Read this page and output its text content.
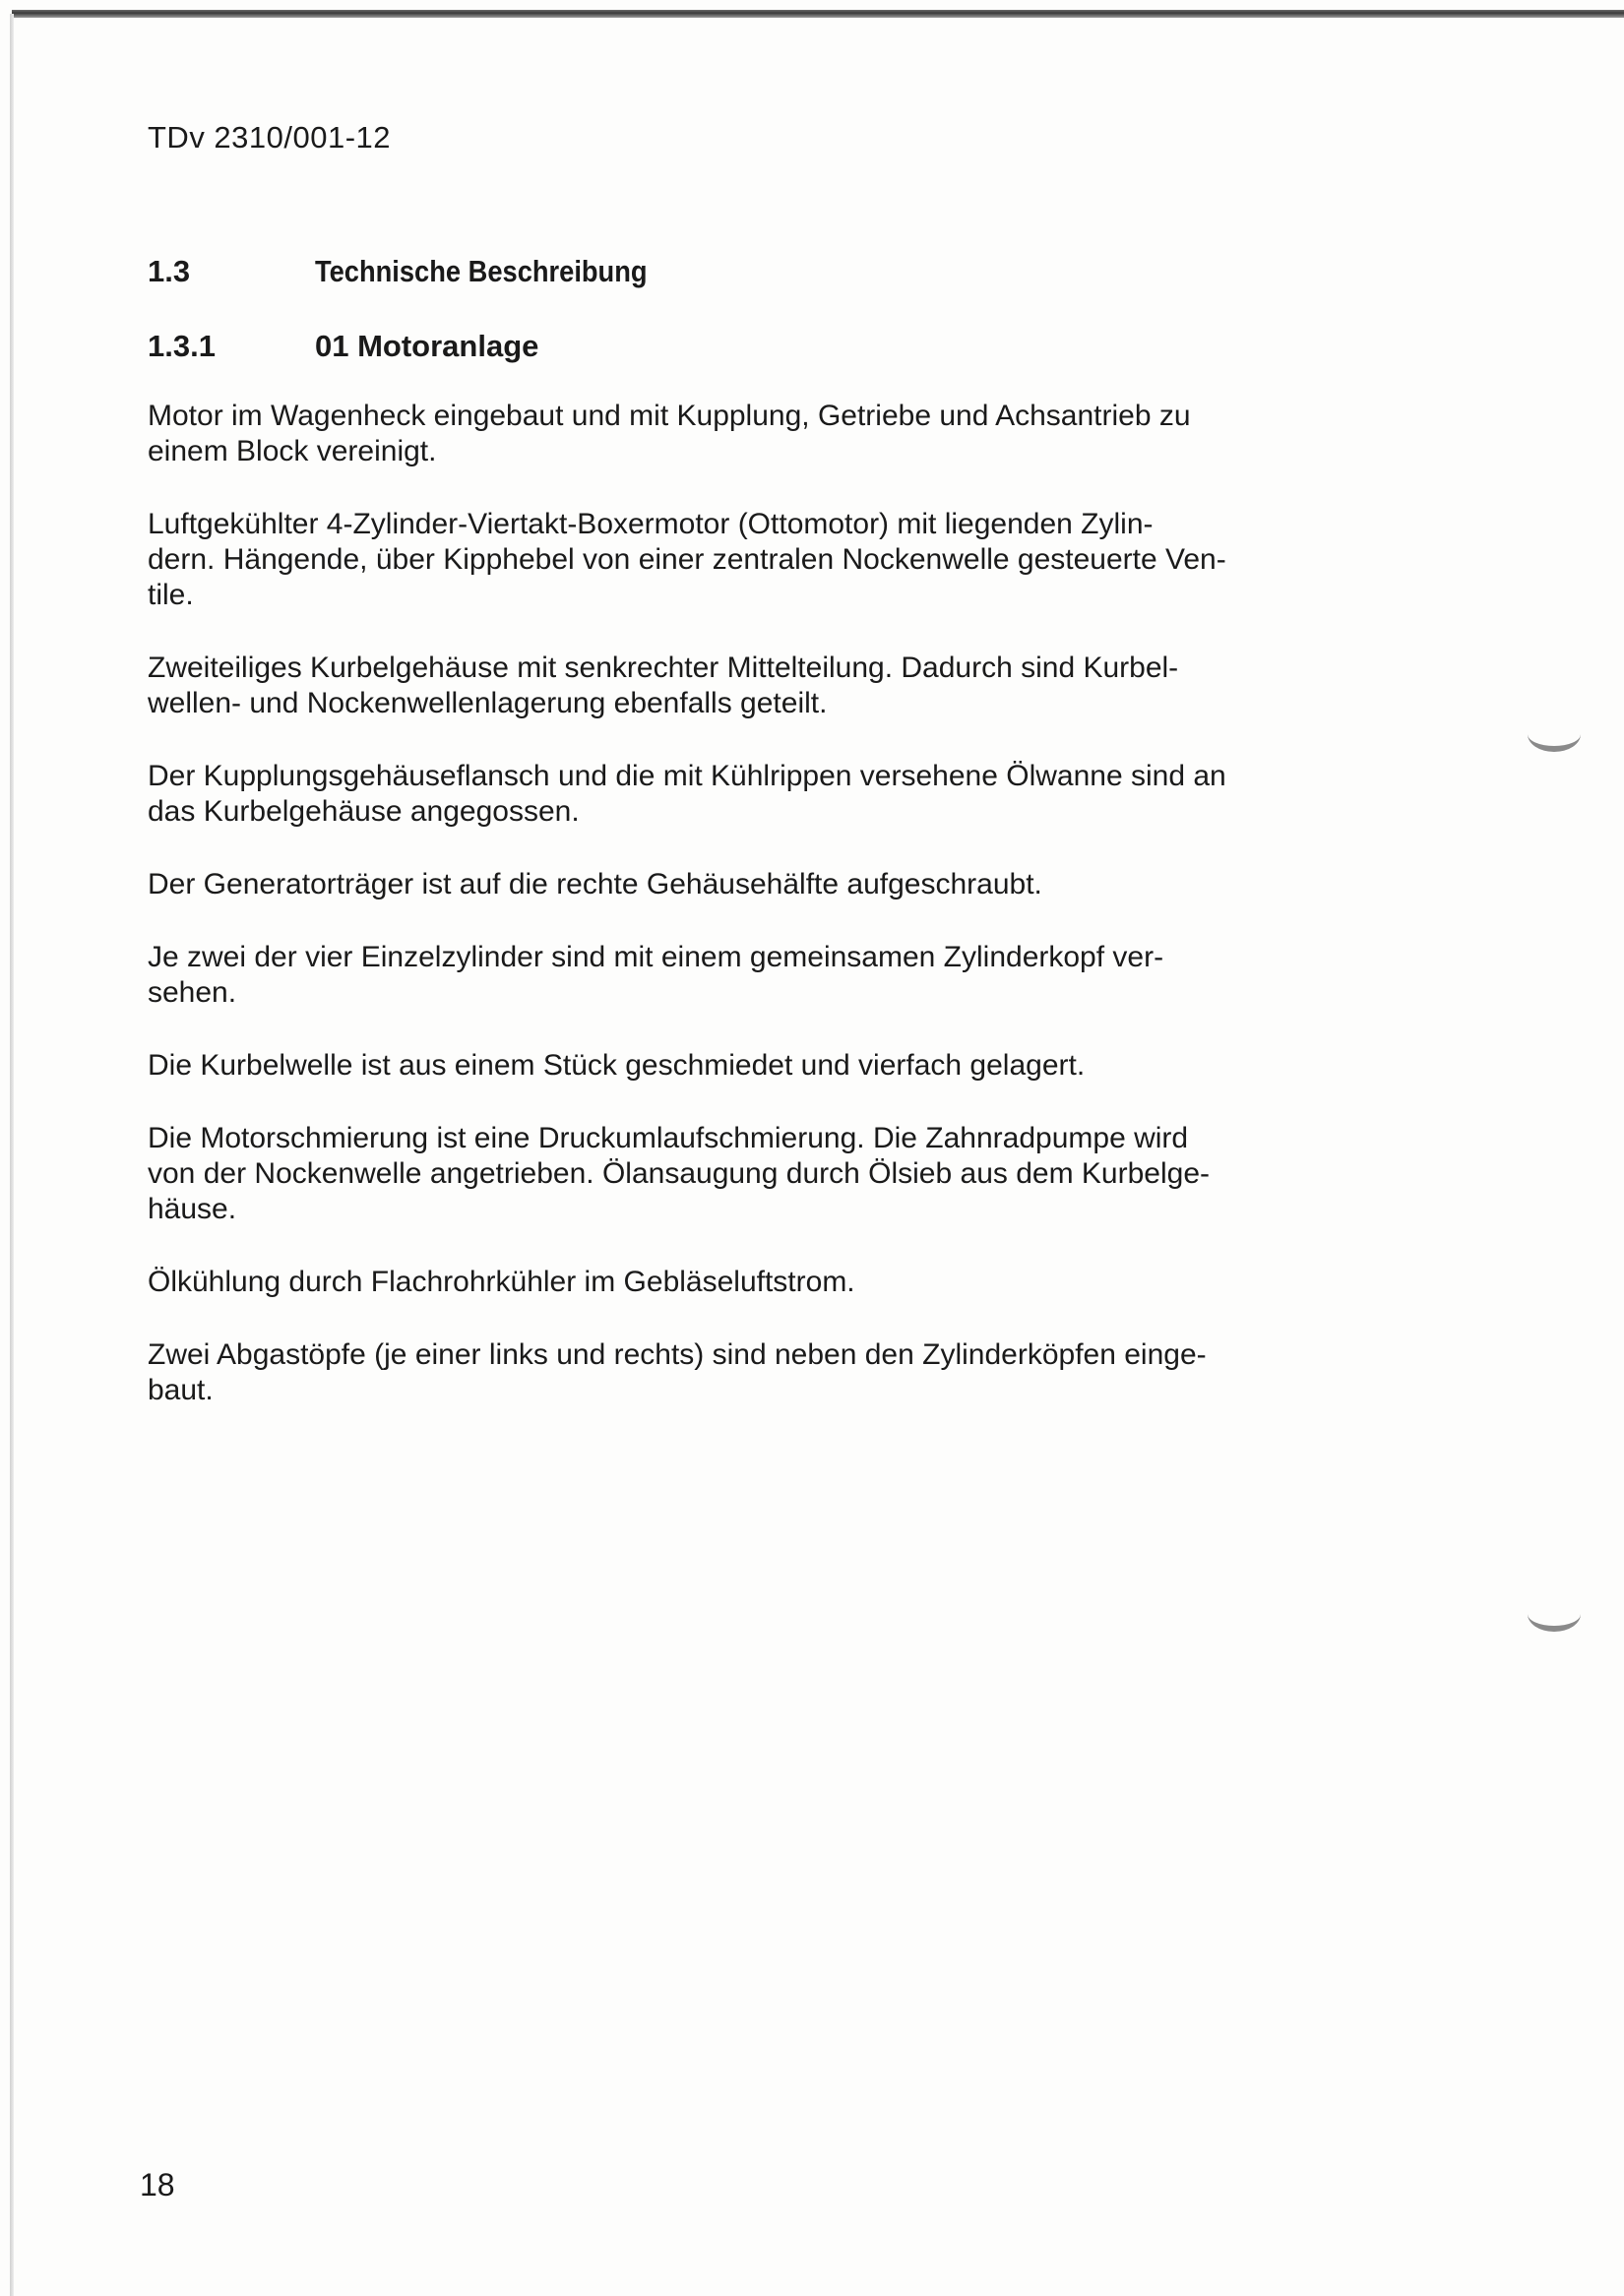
TDv 2310/001-12
1.3	Technische Beschreibung
1.3.1	01 Motoranlage

Motor im Wagenheck eingebaut und mit Kupplung, Getriebe und Achsantrieb zu
einem Block vereinigt.

Luftgekühlter 4-Zylinder-Viertakt-Boxermotor (Ottomotor) mit liegenden Zylin-
dern. Hängende, über Kipphebel von einer zentralen Nockenwelle gesteuerte Ven-
tile.

Zweiteiliges Kurbelgehäuse mit senkrechter Mittelteilung. Dadurch sind Kurbel-
wellen- und Nockenwellenlagerung ebenfalls geteilt.

Der Kupplungsgehäuseflansch und die mit Kühlrippen versehene Ölwanne sind an
das Kurbelgehäuse angegossen.

Der Generatorträger ist auf die rechte Gehäusehälfte aufgeschraubt.

Je zwei der vier Einzelzylinder sind mit einem gemeinsamen Zylinderkopf ver-
sehen.

Die Kurbelwelle ist aus einem Stück geschmiedet und vierfach gelagert.

Die Motorschmierung ist eine Druckumlaufschmierung. Die Zahnradpumpe wird
von der Nockenwelle angetrieben. Ölansaugung durch Ölsieb aus dem Kurbelge-
häuse.

Ölkühlung durch Flachrohrkühler im Gebläseluftstrom.

Zwei Abgastöpfe (je einer links und rechts) sind neben den Zylinderköpfen einge-
baut.

18
